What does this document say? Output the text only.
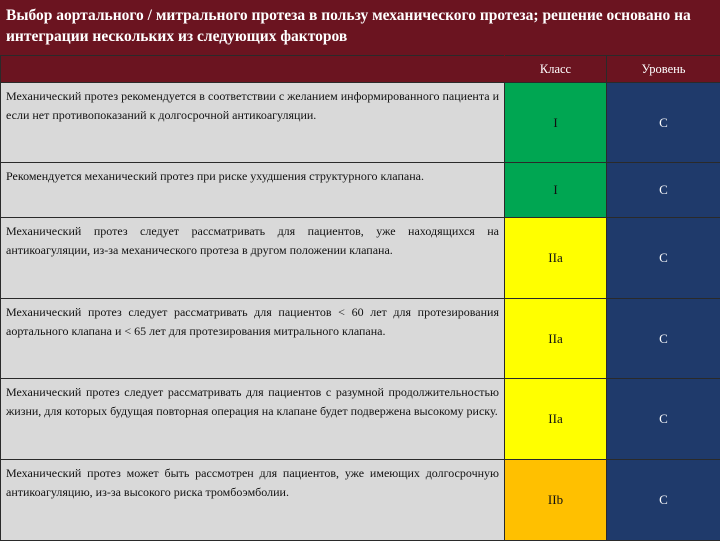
Выбор аортального / митрального протеза в пользу механического протеза; решение основано на интеграции нескольких из следующих факторов
	Класс	Уровень
Механический протез рекомендуется в соответствии с желанием информированного пациента и если нет противопоказаний к долгосрочной антикоагуляции.	I	C
Рекомендуется механический протез при риске ухудшения структурного клапана.	I	C
Механический протез следует рассматривать для пациентов, уже находящихся на антикоагуляции, из-за механического протеза в другом положении клапана.	IIa	C
Механический протез следует рассматривать для пациентов < 60 лет для протезирования аортального клапана и < 65 лет для протезирования митрального клапана.	IIa	C
Механический протез следует рассматривать для пациентов с разумной продолжительностью жизни, для которых будущая повторная операция на клапане будет подвержена высокому риску.	IIa	C
Механический протез может быть рассмотрен для пациентов, уже имеющих долгосрочную антикоагуляцию, из-за высокого риска тромбоэмболии.	IIb	C
